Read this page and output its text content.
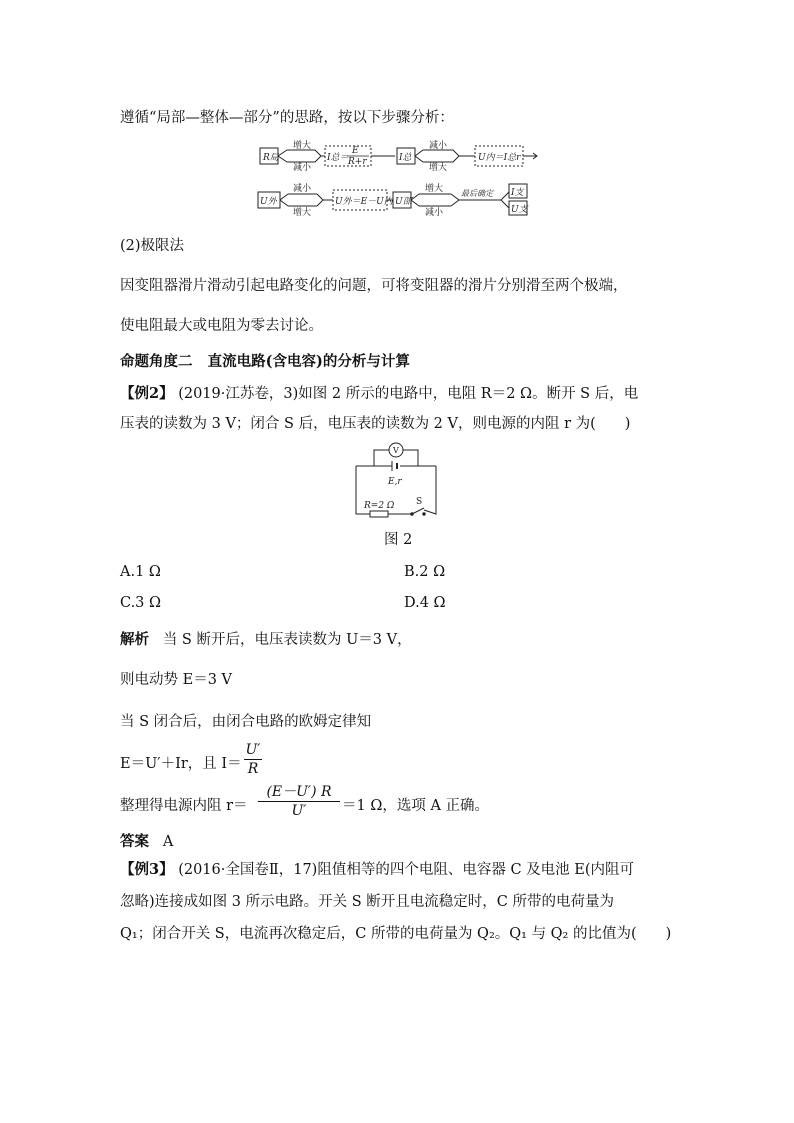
遵循“局部—整体—部分”的思路，按以下步骤分析：
R局
增大
减小
I总＝
E
R+r	I总
减小
增大
U内＝I总r
U外
减小
增大
U外＝E－U内 U部
增大
减小
最后确定 I支
U支
(2)极限法
因变阻器滑片滑动引起电路变化的问题，可将变阻器的滑片分别滑至两个极端，
使电阻最大或电阻为零去讨论。
命题角度二 直流电路(含电容)的分析与计算
【例2】 (2019·江苏卷，3)如图 2 所示的电路中，电阻 R＝2 Ω。断开 S 后，电
压表的读数为 3 V；闭合 S 后，电压表的读数为 2 V，则电源的内阻 r 为(　　)
V
E,r
R=2 Ω S
图 2
A.1 Ω	B.2 Ω
C.3 Ω	D.4 Ω
解析 当 S 断开后，电压表读数为 U＝3 V，
则电动势 E＝3 V
当 S 闭合后，由闭合电路的欧姆定律知
E＝U′＋Ir，且 I＝
U′
R
整理得电源内阻 r＝
(E－U′) R
U′	＝1 Ω，选项 A 正确。
答案 A
【例3】 (2016·全国卷Ⅱ，17)阻值相等的四个电阻、电容器 C 及电池 E(内阻可
忽略)连接成如图 3 所示电路。开关 S 断开且电流稳定时，C 所带的电荷量为
Q₁；闭合开关 S，电流再次稳定后，C 所带的电荷量为 Q₂。Q₁ 与 Q₂ 的比值为(　　)
